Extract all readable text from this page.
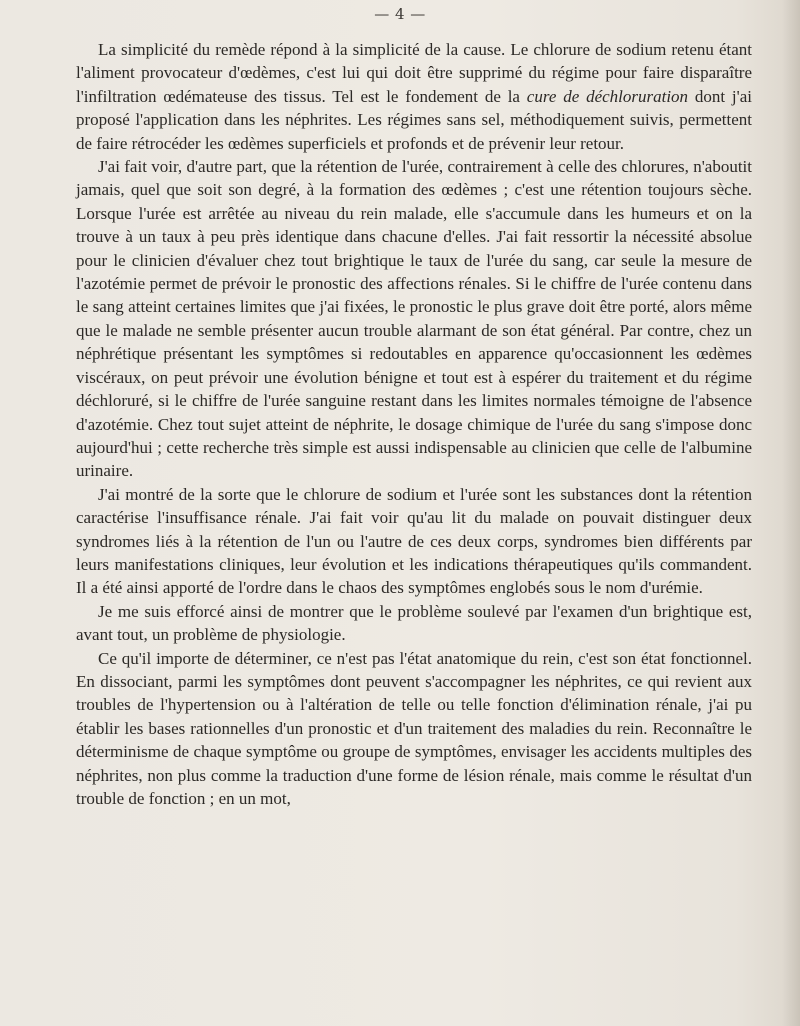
— 4 —

La simplicité du remède répond à la simplicité de la cause. Le chlorure de sodium retenu étant l'aliment provocateur d'œdèmes, c'est lui qui doit être supprimé du régime pour faire disparaître l'infiltration œdémateuse des tissus. Tel est le fondement de la cure de déchloruration dont j'ai proposé l'application dans les néphrites. Les régimes sans sel, méthodiquement suivis, permettent de faire rétrocéder les œdèmes superficiels et profonds et de prévenir leur retour.

J'ai fait voir, d'autre part, que la rétention de l'urée, contrairement à celle des chlorures, n'aboutit jamais, quel que soit son degré, à la formation des œdèmes ; c'est une rétention toujours sèche. Lorsque l'urée est arrêtée au niveau du rein malade, elle s'accumule dans les humeurs et on la trouve à un taux à peu près identique dans chacune d'elles. J'ai fait ressortir la nécessité absolue pour le clinicien d'évaluer chez tout brightique le taux de l'urée du sang, car seule la mesure de l'azotémie permet de prévoir le pronostic des affections rénales. Si le chiffre de l'urée contenu dans le sang atteint certaines limites que j'ai fixées, le pronostic le plus grave doit être porté, alors même que le malade ne semble présenter aucun trouble alarmant de son état général. Par contre, chez un néphrétique présentant les symptômes si redoutables en apparence qu'occasionnent les œdèmes viscéraux, on peut prévoir une évolution bénigne et tout est à espérer du traitement et du régime déchloruré, si le chiffre de l'urée sanguine restant dans les limites normales témoigne de l'absence d'azotémie. Chez tout sujet atteint de néphrite, le dosage chimique de l'urée du sang s'impose donc aujourd'hui ; cette recherche très simple est aussi indispensable au clinicien que celle de l'albumine urinaire.

J'ai montré de la sorte que le chlorure de sodium et l'urée sont les substances dont la rétention caractérise l'insuffisance rénale. J'ai fait voir qu'au lit du malade on pouvait distinguer deux syndromes liés à la rétention de l'un ou l'autre de ces deux corps, syndromes bien différents par leurs manifestations cliniques, leur évolution et les indications thérapeutiques qu'ils commandent. Il a été ainsi apporté de l'ordre dans le chaos des symptômes englobés sous le nom d'urémie.

Je me suis efforcé ainsi de montrer que le problème soulevé par l'examen d'un brightique est, avant tout, un problème de physiologie.

Ce qu'il importe de déterminer, ce n'est pas l'état anatomique du rein, c'est son état fonctionnel. En dissociant, parmi les symptômes dont peuvent s'accompagner les néphrites, ce qui revient aux troubles de l'hypertension ou à l'altération de telle ou telle fonction d'élimination rénale, j'ai pu établir les bases rationnelles d'un pronostic et d'un traitement des maladies du rein. Reconnaître le déterminisme de chaque symptôme ou groupe de symptômes, envisager les accidents multiples des néphrites, non plus comme la traduction d'une forme de lésion rénale, mais comme le résultat d'un trouble de fonction ; en un mot,
